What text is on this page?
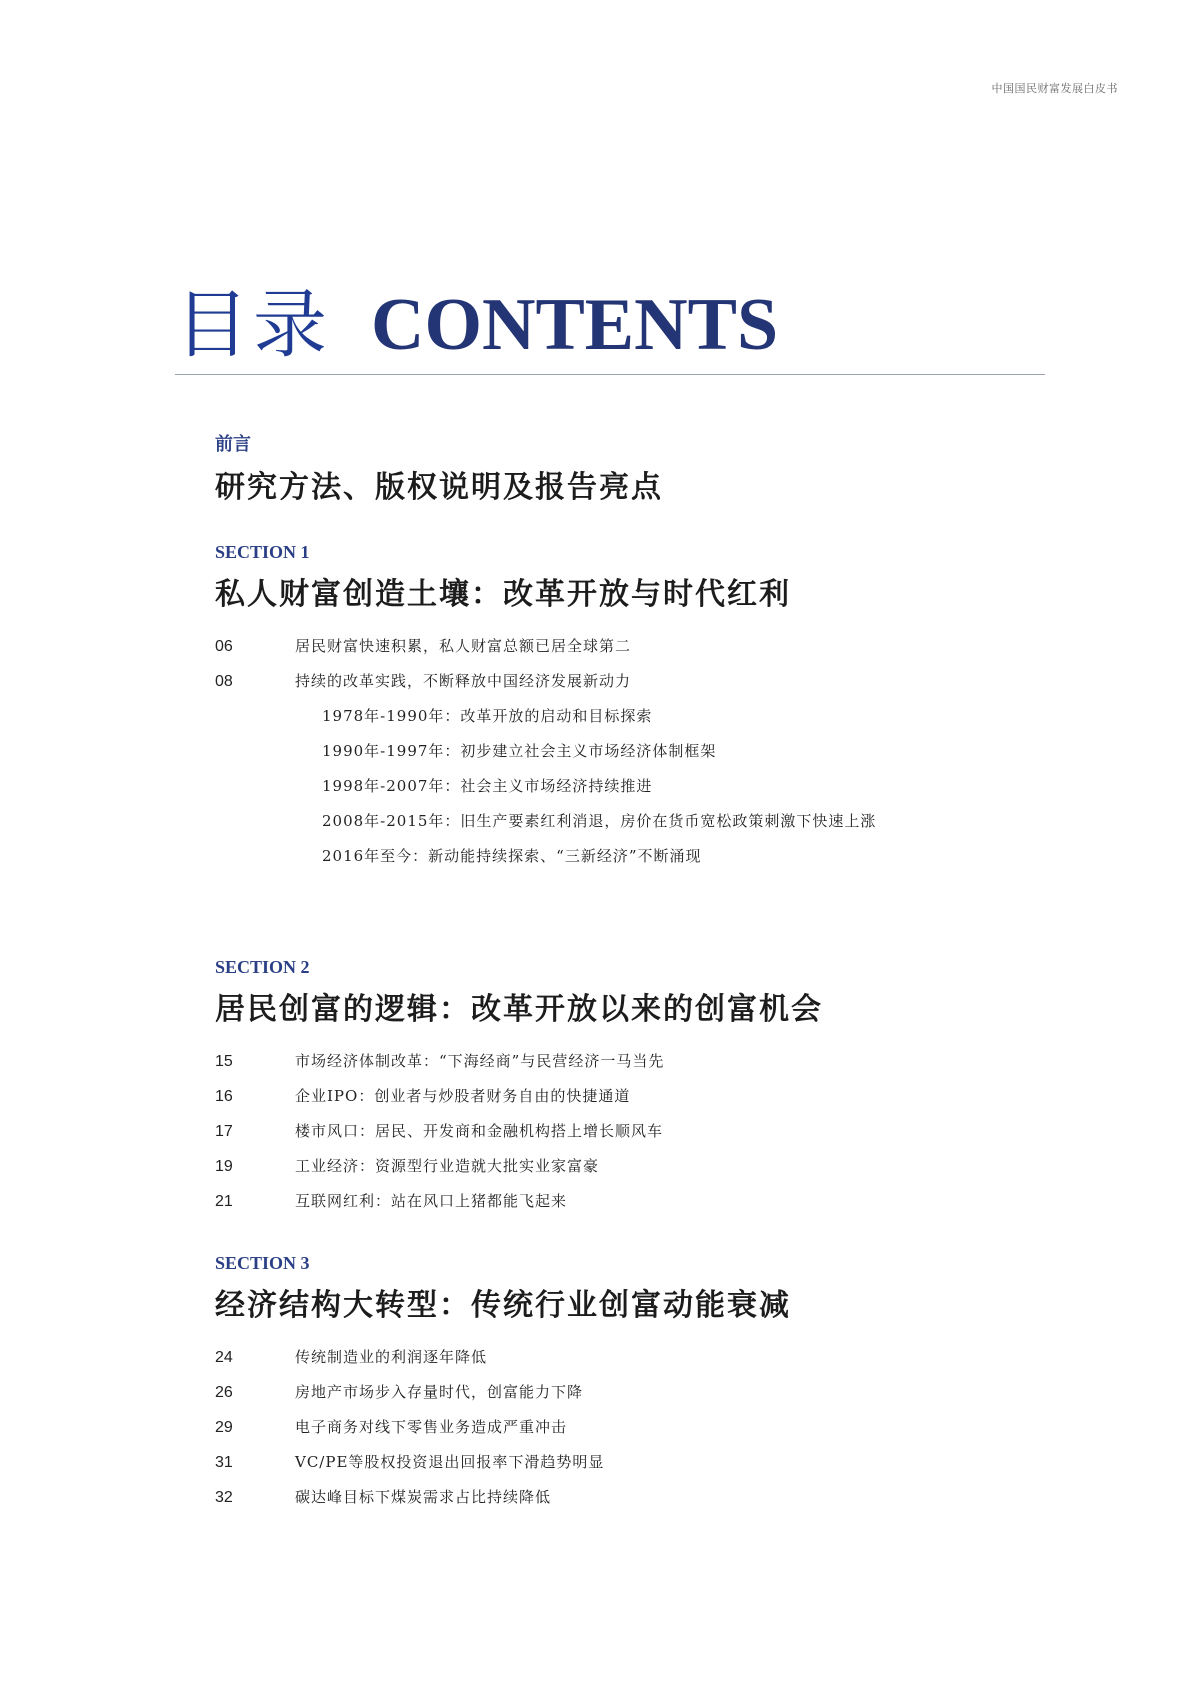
中国国民财富发展白皮书
目录 CONTENTS
前言
研究方法、版权说明及报告亮点
SECTION 1
私人财富创造土壤：改革开放与时代红利
06	居民财富快速积累，私人财富总额已居全球第二
08	持续的改革实践，不断释放中国经济发展新动力
1978年-1990年：改革开放的启动和目标探索
1990年-1997年：初步建立社会主义市场经济体制框架
1998年-2007年：社会主义市场经济持续推进
2008年-2015年：旧生产要素红利消退，房价在货币宽松政策刺激下快速上涨
2016年至今：新动能持续探索、“三新经济”不断涌现
SECTION 2
居民创富的逻辑：改革开放以来的创富机会
15	市场经济体制改革：“下海经商”与民营经济一马当先
16	企业IPO：创业者与炒股者财务自由的快捷通道
17	楼市风口：居民、开发商和金融机构搭上增长顺风车
19	工业经济：资源型行业造就大批实业家富豪
21	互联网红利：站在风口上猪都能飞起来
SECTION 3
经济结构大转型：传统行业创富动能衰减
24	传统制造业的利润逐年降低
26	房地产市场步入存量时代，创富能力下降
29	电子商务对线下零售业务造成严重冲击
31	VC/PE等股权投资退出回报率下滑趋势明显
32	碳达峰目标下煤炭需求占比持续降低
